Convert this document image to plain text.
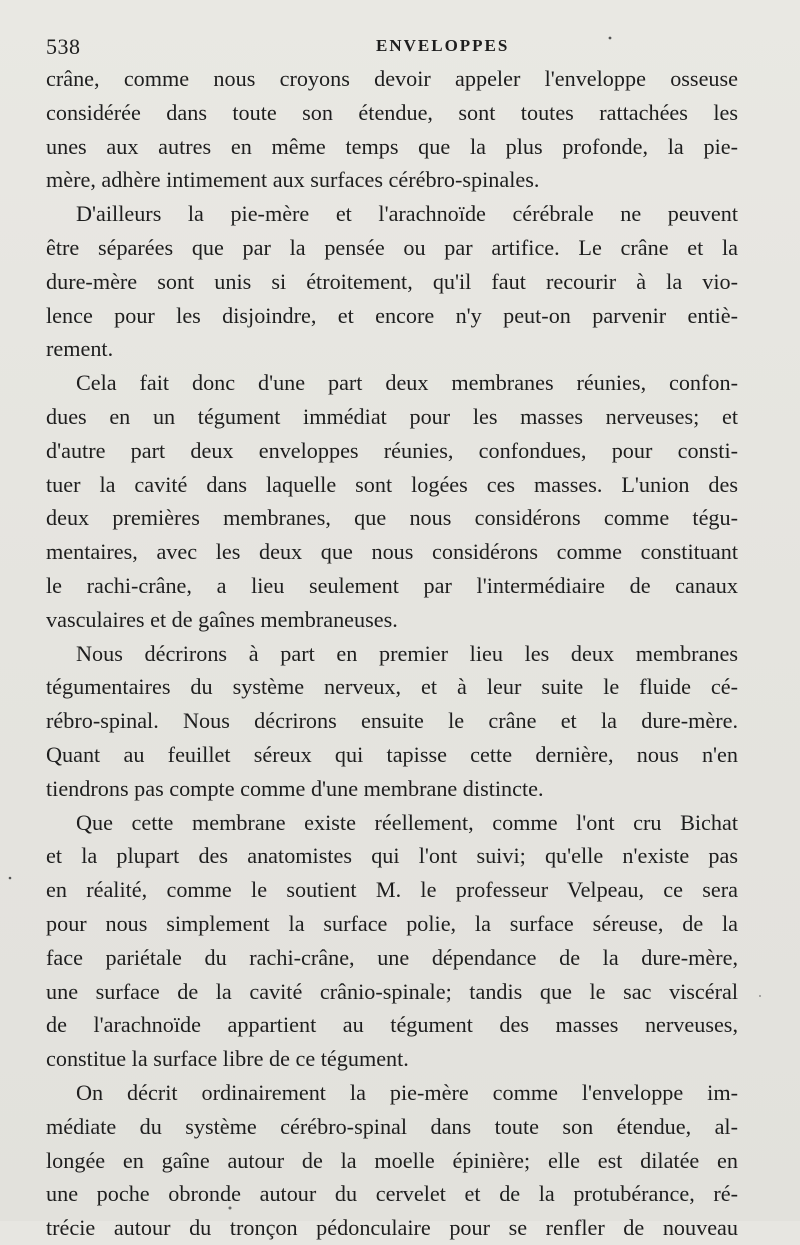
538	ENVELOPPES
crâne, comme nous croyons devoir appeler l'enveloppe osseuse
considérée dans toute son étendue, sont toutes rattachées les
unes aux autres en même temps que la plus profonde, la pie-
mère, adhère intimement aux surfaces cérébro-spinales.
D'ailleurs la pie-mère et l'arachnoïde cérébrale ne peuvent
être séparées que par la pensée ou par artifice. Le crâne et la
dure-mère sont unis si étroitement, qu'il faut recourir à la vio-
lence pour les disjoindre, et encore n'y peut-on parvenir entiè-
rement.
Cela fait donc d'une part deux membranes réunies, confon-
dues en un tégument immédiat pour les masses nerveuses; et
d'autre part deux enveloppes réunies, confondues, pour consti-
tuer la cavité dans laquelle sont logées ces masses. L'union des
deux premières membranes, que nous considérons comme tégu-
mentaires, avec les deux que nous considérons comme constituant
le rachi-crâne, a lieu seulement par l'intermédiaire de canaux
vasculaires et de gaînes membraneuses.
Nous décrirons à part en premier lieu les deux membranes
tégumentaires du système nerveux, et à leur suite le fluide cé-
rébro-spinal. Nous décrirons ensuite le crâne et la dure-mère.
Quant au feuillet séreux qui tapisse cette dernière, nous n'en
tiendrons pas compte comme d'une membrane distincte.
Que cette membrane existe réellement, comme l'ont cru Bichat
et la plupart des anatomistes qui l'ont suivi; qu'elle n'existe pas
en réalité, comme le soutient M. le professeur Velpeau, ce sera
pour nous simplement la surface polie, la surface séreuse, de la
face pariétale du rachi-crâne, une dépendance de la dure-mère,
une surface de la cavité crânio-spinale; tandis que le sac viscéral
de l'arachnoïde appartient au tégument des masses nerveuses,
constitue la surface libre de ce tégument.
On décrit ordinairement la pie-mère comme l'enveloppe im-
médiate du système cérébro-spinal dans toute son étendue, al-
longée en gaîne autour de la moelle épinière; elle est dilatée en
une poche obronde autour du cervelet et de la protubérance, ré-
trécie autour du tronçon pédonculaire pour se renfler de nouveau
